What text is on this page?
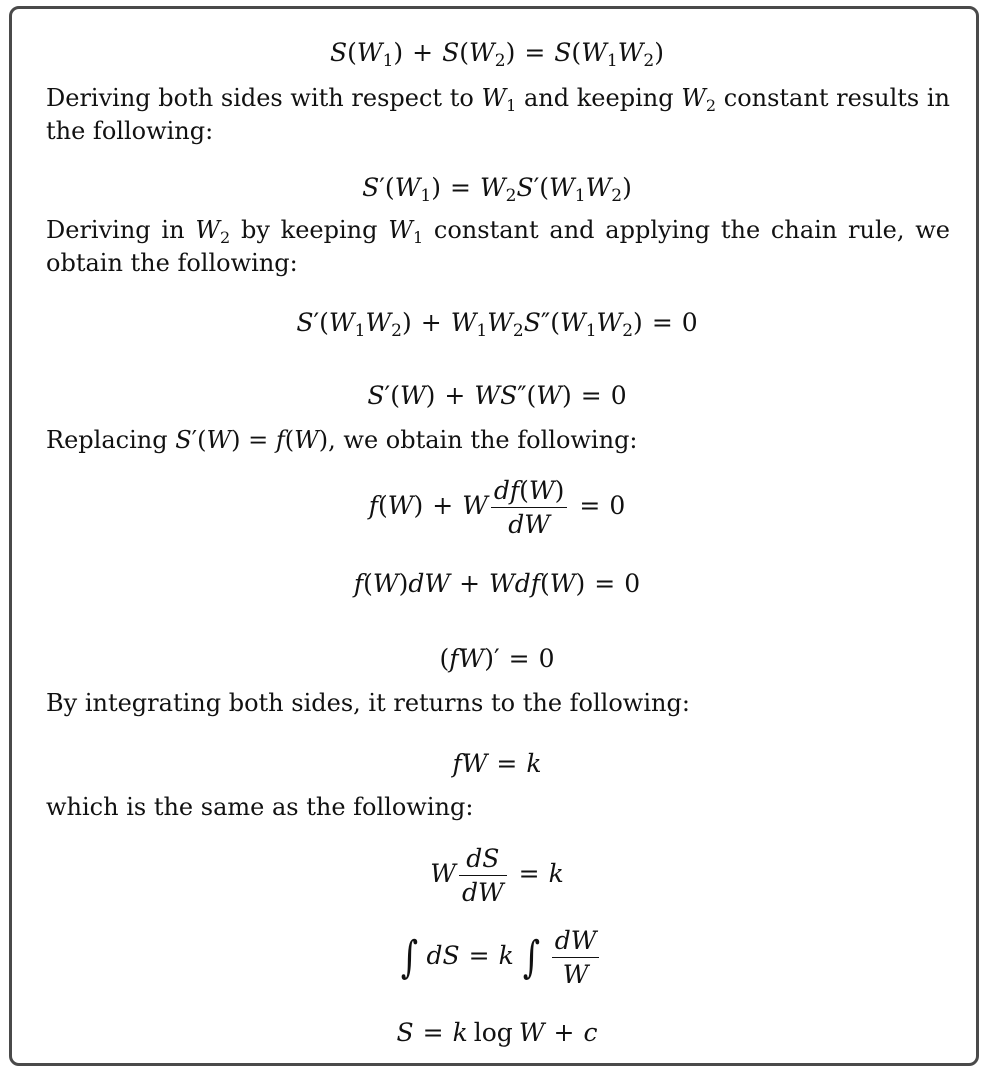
$S(W_1) + S(W_2) = S(W_1W_2)$

Deriving both sides with respect to $W_1$ and keeping $W_2$ constant results in the following:

$S'(W_1) = W_2S'(W_1W_2)$

Deriving in $W_2$ by keeping $W_1$ constant and applying the chain rule, we obtain the following:

$S'(W_1W_2) + W_1W_2S''(W_1W_2) = 0$
S′(W) + WS″(W) = 0

Replacing S′(W) = f(W), we obtain the following:

f(W) + W $\frac{df(W)}{dW} = 0$
f(W)dW + Wdf(W) = 0
(fW)′ = 0

By integrating both sides, it returns to the following:

fW = k

which is the same as the following:

W $\frac{dS}{dW} = k$
∫ dS = k ∫ $\frac{dW}{W}$
S = k log W + c
